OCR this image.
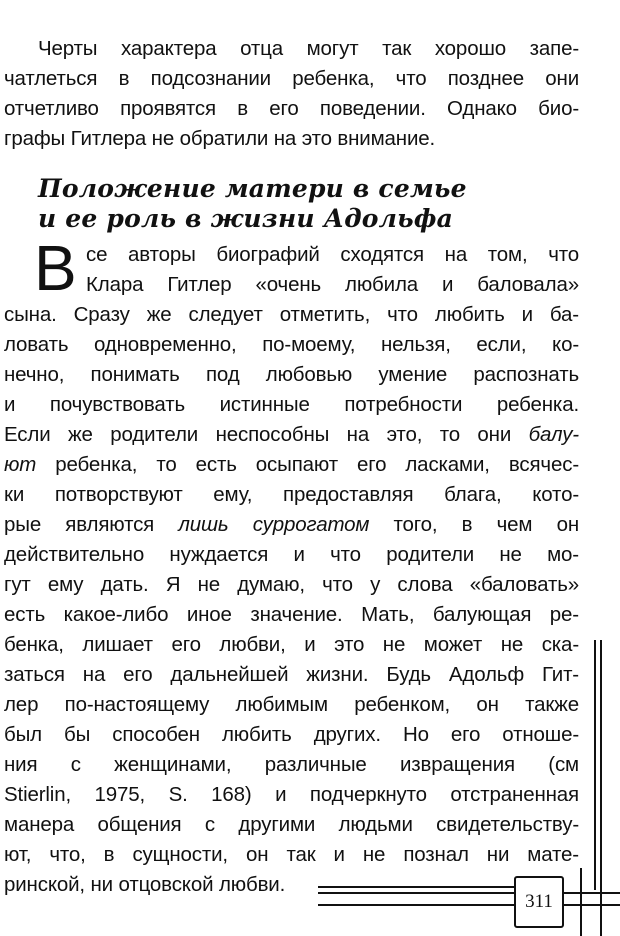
Черты характера отца могут так хорошо запе-
чатлеться в подсознании ребенка, что позднее они
отчетливо проявятся в его поведении. Однако био-
графы Гитлера не обратили на это внимание.
Положение матери в семье
и ее роль в жизни Адольфа
В се авторы биографий сходятся на том, что
Клара Гитлер «очень любила и баловала»
сына. Сразу же следует отметить, что любить и ба-
ловать одновременно, по-моему, нельзя, если, ко-
нечно, понимать под любовью умение распознать
и почувствовать истинные потребности ребенка.
Если же родители неспособны на это, то они балу-
ют ребенка, то есть осыпают его ласками, всячес-
ки потворствуют ему, предоставляя блага, кото-
рые являются лишь суррогатом того, в чем он
действительно нуждается и что родители не мо-
гут ему дать. Я не думаю, что у слова «баловать»
есть какое-либо иное значение. Мать, балующая ре-
бенка, лишает его любви, и это не может не ска-
заться на его дальнейшей жизни. Будь Адольф Гит-
лер по-настоящему любимым ребенком, он также
был бы способен любить других. Но его отноше-
ния с женщинами, различные извращения (см
Stierlin, 1975, S. 168) и подчеркнуто отстраненная
манера общения с другими людьми свидетельству-
ют, что, в сущности, он так и не познал ни мате-
ринской, ни отцовской любви.
311
